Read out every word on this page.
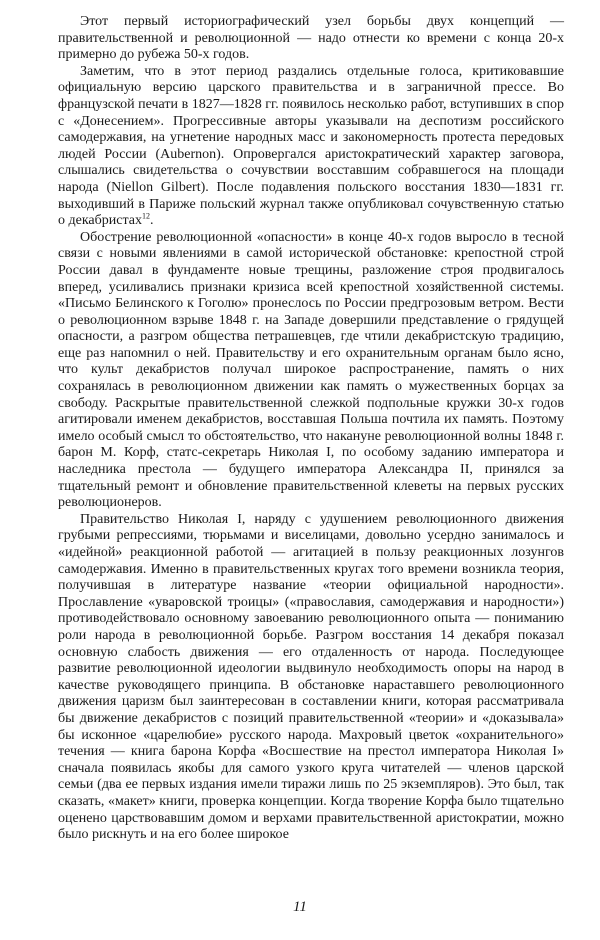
Этот первый историографический узел борьбы двух концепций — правительственной и революционной — надо отнести ко времени с конца 20-х примерно до рубежа 50-х годов.

Заметим, что в этот период раздались отдельные голоса, критиковавшие официальную версию царского правительства и в заграничной прессе. Во французской печати в 1827—1828 гг. появилось несколько работ, вступивших в спор с «Донесением». Прогрессивные авторы указывали на деспотизм российского самодержавия, на угнетение народных масс и закономерность протеста передовых людей России (Aubernon). Опровергался аристократический характер заговора, слышались свидетельства о сочувствии восставшим собравшегося на площади народа (Niellon Gilbert). После подавления польского восстания 1830—1831 гг. выходивший в Париже польский журнал также опубликовал сочувственную статью о декабристах$^{12}$.

Обострение революционной «опасности» в конце 40-х годов выросло в тесной связи с новыми явлениями в самой исторической обстановке: крепостной строй России давал в фундаменте новые трещины, разложение строя продвигалось вперед, усиливались признаки кризиса всей крепостной хозяйственной системы. «Письмо Белинского к Гоголю» пронеслось по России предгрозовым ветром. Вести о революционном взрыве 1848 г. на Западе довершили представление о грядущей опасности, а разгром общества петрашевцев, где чтили декабристскую традицию, еще раз напомнил о ней. Правительству и его охранительным органам было ясно, что культ декабристов получал широкое распространение, память о них сохранялась в революционном движении как память о мужественных борцах за свободу. Раскрытые правительственной слежкой подпольные кружки 30-х годов агитировали именем декабристов, восставшая Польша почтила их память. Поэтому имело особый смысл то обстоятельство, что накануне революционной волны 1848 г. барон М. Корф, статс-секретарь Николая I, по особому заданию императора и наследника престола — будущего императора Александра II, принялся за тщательный ремонт и обновление правительственной клеветы на первых русских революционеров.

Правительство Николая I, наряду с удушением революционного движения грубыми репрессиями, тюрьмами и виселицами, довольно усердно занималось и «идейной» реакционной работой — агитацией в пользу реакционных лозунгов самодержавия. Именно в правительственных кругах того времени возникла теория, получившая в литературе название «теории официальной народности». Прославление «уваровской троицы» («православия, самодержавия и народности») противодействовало основному завоеванию революционного опыта — пониманию роли народа в революционной борьбе. Разгром восстания 14 декабря показал основную слабость движения — его отдаленность от народа. Последующее развитие революционной идеологии выдвинуло необходимость опоры на народ в качестве руководящего принципа. В обстановке нараставшего революционного движения царизм был заинтересован в составлении книги, которая рассматривала бы движение декабристов с позиций правительственной «теории» и «доказывала» бы исконное «царелюбие» русского народа. Махровый цветок «охранительного» течения — книга барона Корфа «Восшествие на престол императора Николая I» сначала появилась якобы для самого узкого круга читателей — членов царской семьи (два ее первых издания имели тиражи лишь по 25 экземпляров). Это был, так сказать, «макет» книги, проверка концепции. Когда творение Корфа было тщательно оценено царствовавшим домом и верхами правительственной аристократии, можно было рискнуть и на его более широкое

11
